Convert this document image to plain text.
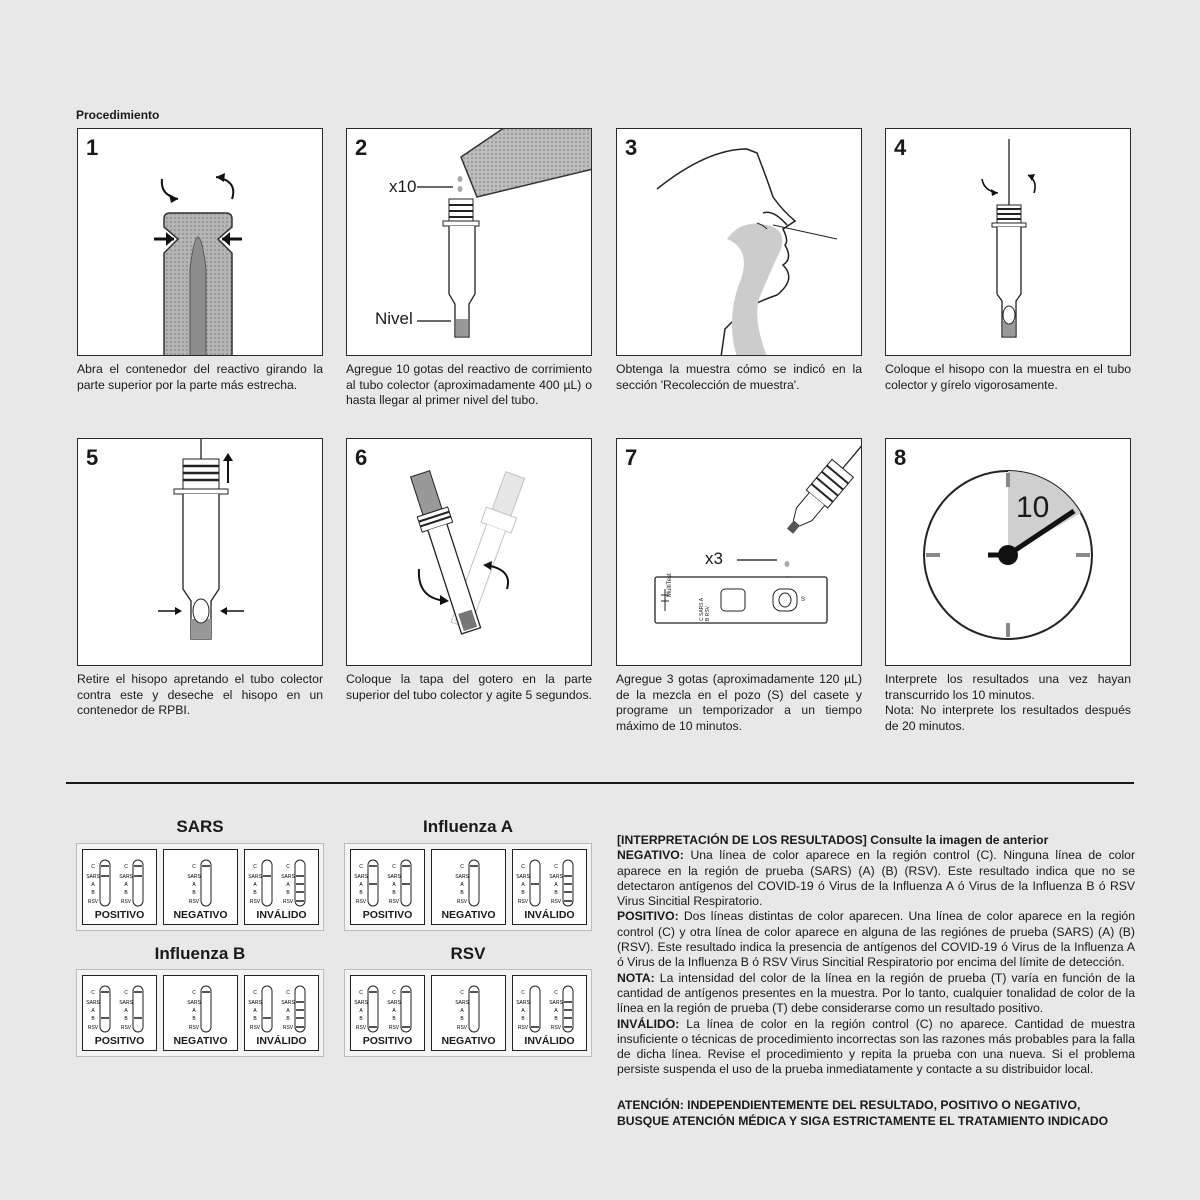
Procedimiento
1
Abra el contenedor del reactivo girando la parte superior por la parte más estrecha.
2
x10
Nivel
Agregue 10 gotas del reactivo de corrimiento al tubo colector (aproximadamente 400 µL) o hasta llegar al primer nivel del tubo.
3
Obtenga la muestra cómo se indicó en la sección 'Recolección de muestra'.
4
Coloque el hisopo con la muestra en el tubo colector y gírelo vigorosamente.
5
Retire el hisopo apretando el tubo colector contra este y deseche el hisopo en un contenedor de RPBI.
6
Coloque la tapa del gotero en la parte superior del tubo colector y agite 5 segundos.
7
x3
MultiTest
C SARS A B RSV
S
Agregue 3 gotas (aproximadamente 120 µL) de la mezcla en el pozo (S) del casete y programe un temporizador a un tiempo máximo de 10 minutos.
8
10
Interprete los resultados una vez hayan transcurrido los 10 minutos.
Nota: No interprete los resultados después de 20 minutos.
SARS
C
SARS
A
B
RSV
C
SARS
A
B
RSV
POSITIVO
C
SARS
A
B
RSV
NEGATIVO
C
SARS
A
B
RSV
C
SARS
A
B
RSV
INVÁLIDO
Influenza A
C
SARS
A
B
RSV
C
SARS
A
B
RSV
POSITIVO
C
SARS
A
B
RSV
NEGATIVO
C
SARS
A
B
RSV
C
SARS
A
B
RSV
INVÁLIDO
Influenza B
C
SARS
A
B
RSV
C
SARS
A
B
RSV
POSITIVO
C
SARS
A
B
RSV
NEGATIVO
C
SARS
A
B
RSV
C
SARS
A
B
RSV
INVÁLIDO
RSV
C
SARS
A
B
RSV
C
SARS
A
B
RSV
POSITIVO
C
SARS
A
B
RSV
NEGATIVO
C
SARS
A
B
RSV
C
SARS
A
B
RSV
INVÁLIDO
[INTERPRETACIÓN DE LOS RESULTADOS] Consulte la imagen de anterior
NEGATIVO: Una línea de color aparece en la región control (C). Ninguna línea de color aparece en la región de prueba (SARS) (A) (B) (RSV). Este resultado indica que no se detectaron antígenos del COVID-19 ó Virus de la Influenza A ó Virus de la Influenza B ó RSV Virus Sincitial Respiratorio.
POSITIVO: Dos líneas distintas de color aparecen. Una línea de color aparece en la región control (C) y otra línea de color aparece en alguna de las regiónes de prueba (SARS) (A) (B) (RSV). Este resultado indica la presencia de antígenos del COVID-19 ó Virus de la Influenza A ó Virus de la Influenza B ó RSV Virus Sincitial Respiratorio por encima del límite de detección.
NOTA: La intensidad del color de la línea en la región de prueba (T) varía en función de la cantidad de antígenos presentes en la muestra. Por lo tanto, cualquier tonalidad de color de la línea en la región de prueba (T) debe considerarse como un resultado positivo.
INVÁLIDO: La línea de color en la región control (C) no aparece. Cantidad de muestra insuficiente o técnicas de procedimiento incorrectas son las razones más probables para la falla de dicha línea. Revise el procedimiento y repita la prueba con una nueva. Si el problema persiste suspenda el uso de la prueba inmediatamente y contacte a su distribuidor local.
ATENCIÓN: INDEPENDIENTEMENTE DEL RESULTADO, POSITIVO O NEGATIVO, BUSQUE ATENCIÓN MÉDICA Y SIGA ESTRICTAMENTE EL TRATAMIENTO INDICADO
